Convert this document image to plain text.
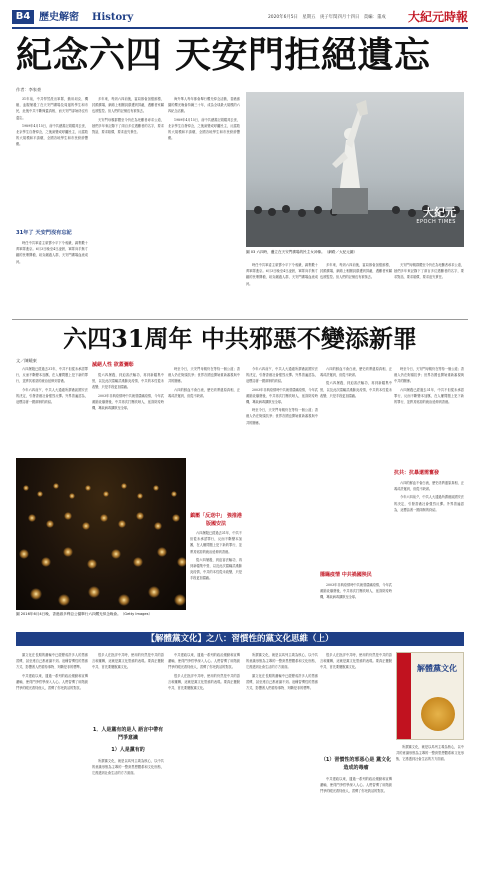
B4 歷史解密 History	2020年6月5日　星期五　庚子年閏四月十四日　責編：董成 大紀元時報
紀念六四 天安門拒絕遺忘
作者：李家豪

31年前，中共悍然派出軍隊，動用坦克，機槍，血腥屠殺了在天安門廣場及周邊的學生和市民，此後中共不斷掩蓋真相，而天安門卻始終沒有遺忘。

1989年4月15日，前中共總書記胡耀邦去世，北京學生自發悼念，之後演變成呼籲民主，反腐敗的大規模和平請願，全國各地學生和市民紛紛響應。

31年了 天安門沒有忘記

時任中共軍委主席鄧小平下令戒嚴，調集數十萬軍隊進京。6月3日晚至4日凌晨，軍隊向手無寸鐵的民眾開槍，坦克碾過人群，天安門廣場血流成河。

多年來，每到六四前後，當局都會加強維穩，封鎖廣場，網絡上相關詞彙遭到屏蔽，遇難者家屬也被監控。但人們的記憶沒有被抹去。

天安門母親群體至今仍在為死難者尋求公道，她們多年來記錄下了兩百多位遇難者的名字，要求對話，要求賠償，要求追究責任。

海外華人每年都會舉行燭光悼念活動，香港維園的燭光晚會持續三十年，成為全球最大規模的六四紀念活動。

1989年4月15日，前中共總書記胡耀邦去世，北京學生自發悼念，之後演變成呼籲民主，反腐敗的大規模和平請願，全國各地學生和市民紛紛響應。

大紀元
EPOCH TIMES
圖 03 六四時，矗立在天安門廣場的民主女神像。（網路／大紀元圖）

時任中共軍委主席鄧小平下令戒嚴，調集數十萬軍隊進京。6月3日晚至4日凌晨，軍隊向手無寸鐵的民眾開槍，坦克碾過人群，天安門廣場血流成河。

多年來，每到六四前後，當局都會加強維穩，封鎖廣場，網絡上相關詞彙遭到屏蔽，遇難者家屬也被監控。但人們的記憶沒有被抹去。

天安門母親群體至今仍在為死難者尋求公道，她們多年來記錄下了兩百多位遇難者的名字，要求對話，要求賠償，要求追究責任。

六四31周年 中共邪惡不變添新罪
文／陳曉東

六四屠殺已經過去31年，中共不但從未承認罪行，反而不斷變本加厲，在人權問題上犯下新的罪行，並將其邪惡的統治延伸到香港。

今年六四前夕，中共人大通過所謂港區國安法的決定，引發香港社會強烈反彈。外界普遍認為，這標誌著一國兩制的終結。

滅絕人性 欲蓋彌彰

從六四屠殺，到迫害法輪功，再到新疆集中營，以及此次隱瞞武漢肺炎疫情，中共的本性從未改變，只是手段更加隱蔽。

2003年非典疫情時中共就曾隱瞞疫情，今年武漢肺炎爆發後，中共再次打壓吹哨人，延誤防疫時機，導致病毒擴散至全球。

時至今日，天安門母親仍在等待一個公道；香港人仍在街頭抗爭；世界各國也開始重新審視與中共的關係。

六四的鮮血不會白流，歷史終將還原真相，正義或許遲到，但從不缺席。

圖 2016年6月4日晚，香港維多利亞公園舉行六四燭光悼念晚會。（Getty Images）
鎮壓「反送中」 強推港版國安法

六四屠殺已經過去31年，中共不但從未承認罪行，反而不斷變本加厲，在人權問題上犯下新的罪行，並將其邪惡的統治延伸到香港。

從六四屠殺，到迫害法輪功，再到新疆集中營，以及此次隱瞞武漢肺炎疫情，中共的本性從未改變，只是手段更加隱蔽。

今年六四前夕，中共人大通過所謂港區國安法的決定，引發香港社會強烈反彈。外界普遍認為，這標誌著一國兩制的終結。

2003年非典疫情時中共就曾隱瞞疫情，今年武漢肺炎爆發後，中共再次打壓吹哨人，延誤防疫時機，導致病毒擴散至全球。

時至今日，天安門母親仍在等待一個公道；香港人仍在街頭抗爭；世界各國也開始重新審視與中共的關係。

六四的鮮血不會白流，歷史終將還原真相，正義或許遲到，但從不缺席。

從六四屠殺，到迫害法輪功，再到新疆集中營，以及此次隱瞞武漢肺炎疫情，中共的本性從未改變，只是手段更加隱蔽。

隱瞞疫情 中共禍國殃民

2003年非典疫情時中共就曾隱瞞疫情，今年武漢肺炎爆發後，中共再次打壓吹哨人，延誤防疫時機，導致病毒擴散至全球。

時至今日，天安門母親仍在等待一個公道；香港人仍在街頭抗爭；世界各國也開始重新審視與中共的關係。

六四屠殺已經過去31年，中共不但從未承認罪行，反而不斷變本加厲，在人權問題上犯下新的罪行，並將其邪惡的統治延伸到香港。

抗共：抗暴還需奮發

六四的鮮血不會白流，歷史終將還原真相，正義或許遲到，但從不缺席。

今年六四前夕，中共人大通過所謂港區國安法的決定，引發香港社會強烈反彈。外界普遍認為，這標誌著一國兩制的終結。

【解體黨文化】之八：習慣性的黨文化思維（上）

黨文化在長期的灌輸中已經變成許多人的思維習慣，甚至連自己都意識不到。這種習慣性的思維方式，影響著人們看待事物、判斷是非的標準。

中共建政以來，通過一系列的政治運動和宣傳灌輸，使得鬥爭哲學深入人心。人們習慣了用階級鬥爭的眼光看待他人，習慣了你死我活的對抗。

很多人在批評中共時，使用的仍然是中共的語言和邏輯，這就是黨文化思維的表現。要真正擺脫中共，首先要擺脫黨文化。

1．人是黨有的是人 語言中帶有鬥爭意識
1）人是黨有的

所謂黨文化，就是以馬列主義為核心，以中共的意識形態為主導的一整套思想體系和文化形態，它滲透到社會生活的方方面面。

中共建政以來，通過一系列的政治運動和宣傳灌輸，使得鬥爭哲學深入人心。人們習慣了用階級鬥爭的眼光看待他人，習慣了你死我活的對抗。

很多人在批評中共時，使用的仍然是中共的語言和邏輯，這就是黨文化思維的表現。要真正擺脫中共，首先要擺脫黨文化。

所謂黨文化，就是以馬列主義為核心，以中共的意識形態為主導的一整套思想體系和文化形態，它滲透到社會生活的方方面面。

黨文化在長期的灌輸中已經變成許多人的思維習慣，甚至連自己都意識不到。這種習慣性的思維方式，影響著人們看待事物、判斷是非的標準。

很多人在批評中共時，使用的仍然是中共的語言和邏輯，這就是黨文化思維的表現。要真正擺脫中共，首先要擺脫黨文化。

（1）習慣性的邪惡心是 黨文化造成的毒瘤

中共建政以來，通過一系列的政治運動和宣傳灌輸，使得鬥爭哲學深入人心。人們習慣了用階級鬥爭的眼光看待他人，習慣了你死我活的對抗。

解體黨文化

所謂黨文化，就是以馬列主義為核心，以中共的意識形態為主導的一整套思想體系和文化形態，它滲透到社會生活的方方面面。
